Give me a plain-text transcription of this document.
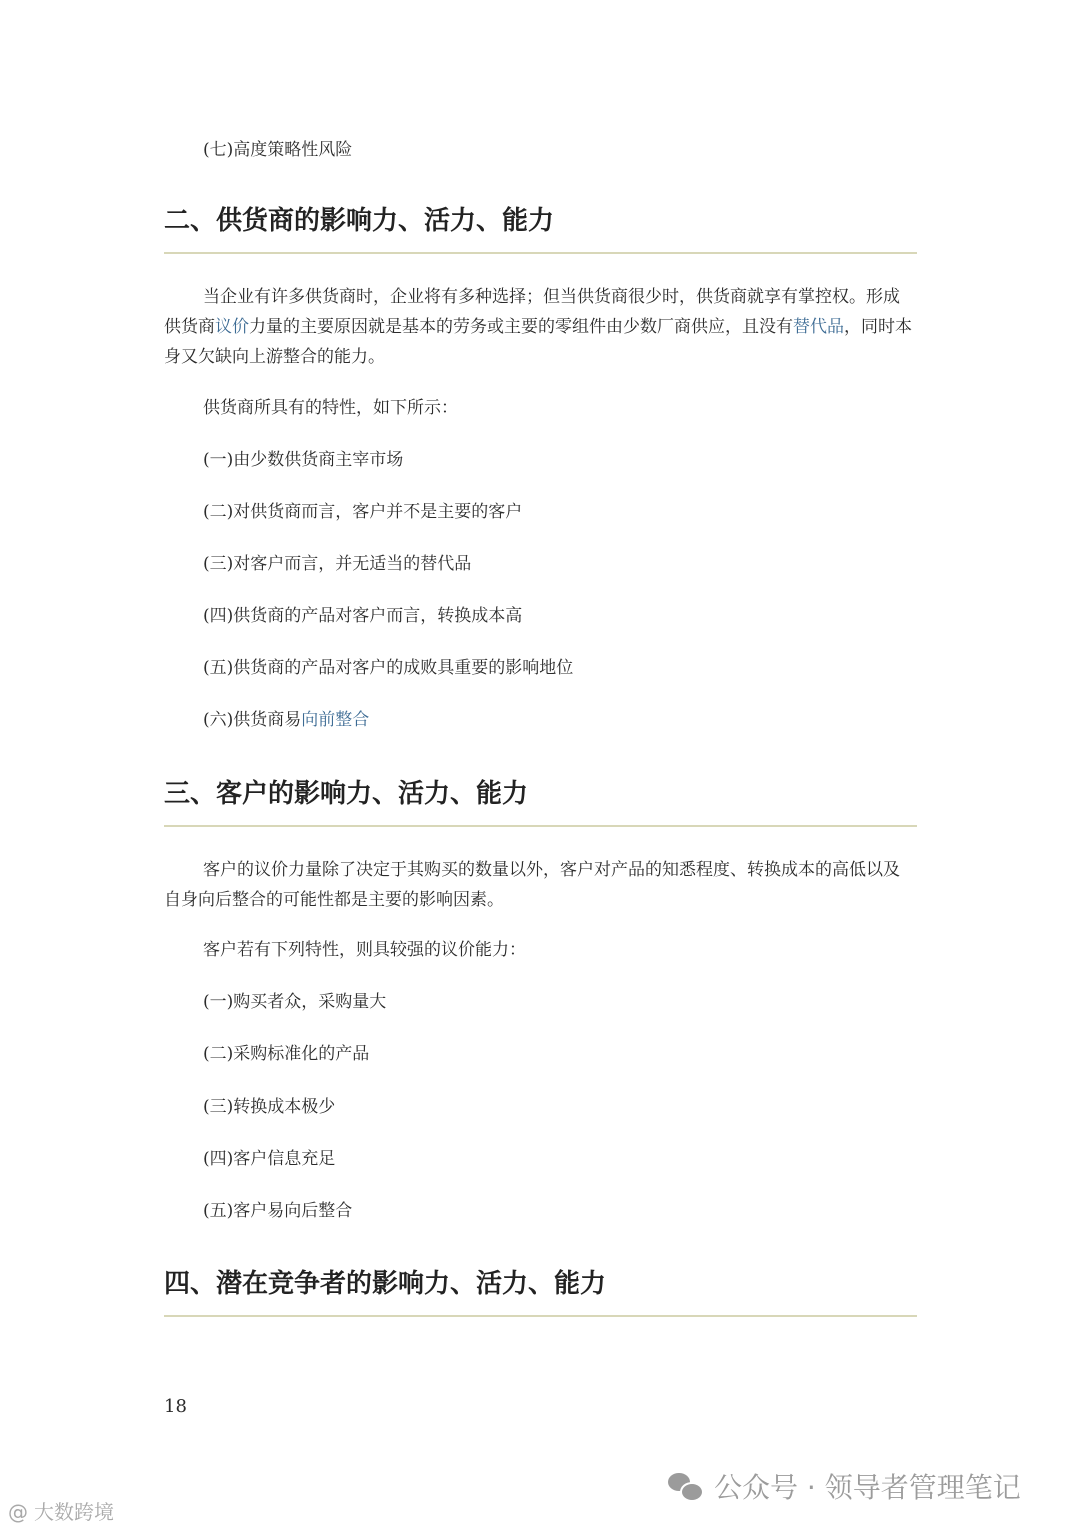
(七)高度策略性风险
二、供货商的影响力、活力、能力
当企业有许多供货商时，企业将有多种选择；但当供货商很少时，供货商就享有掌控权。形成供货商议价力量的主要原因就是基本的劳务或主要的零组件由少数厂商供应，且没有替代品，同时本身又欠缺向上游整合的能力。
供货商所具有的特性，如下所示：
(一)由少数供货商主宰市场
(二)对供货商而言，客户并不是主要的客户
(三)对客户而言，并无适当的替代品
(四)供货商的产品对客户而言，转换成本高
(五)供货商的产品对客户的成败具重要的影响地位
(六)供货商易向前整合
三、客户的影响力、活力、能力
客户的议价力量除了决定于其购买的数量以外，客户对产品的知悉程度、转换成本的高低以及自身向后整合的可能性都是主要的影响因素。
客户若有下列特性，则具较强的议价能力：
(一)购买者众，采购量大
(二)采购标准化的产品
(三)转换成本极少
(四)客户信息充足
(五)客户易向后整合
四、潜在竞争者的影响力、活力、能力
18
@ 大数跨境
公众号 · 领导者管理笔记
